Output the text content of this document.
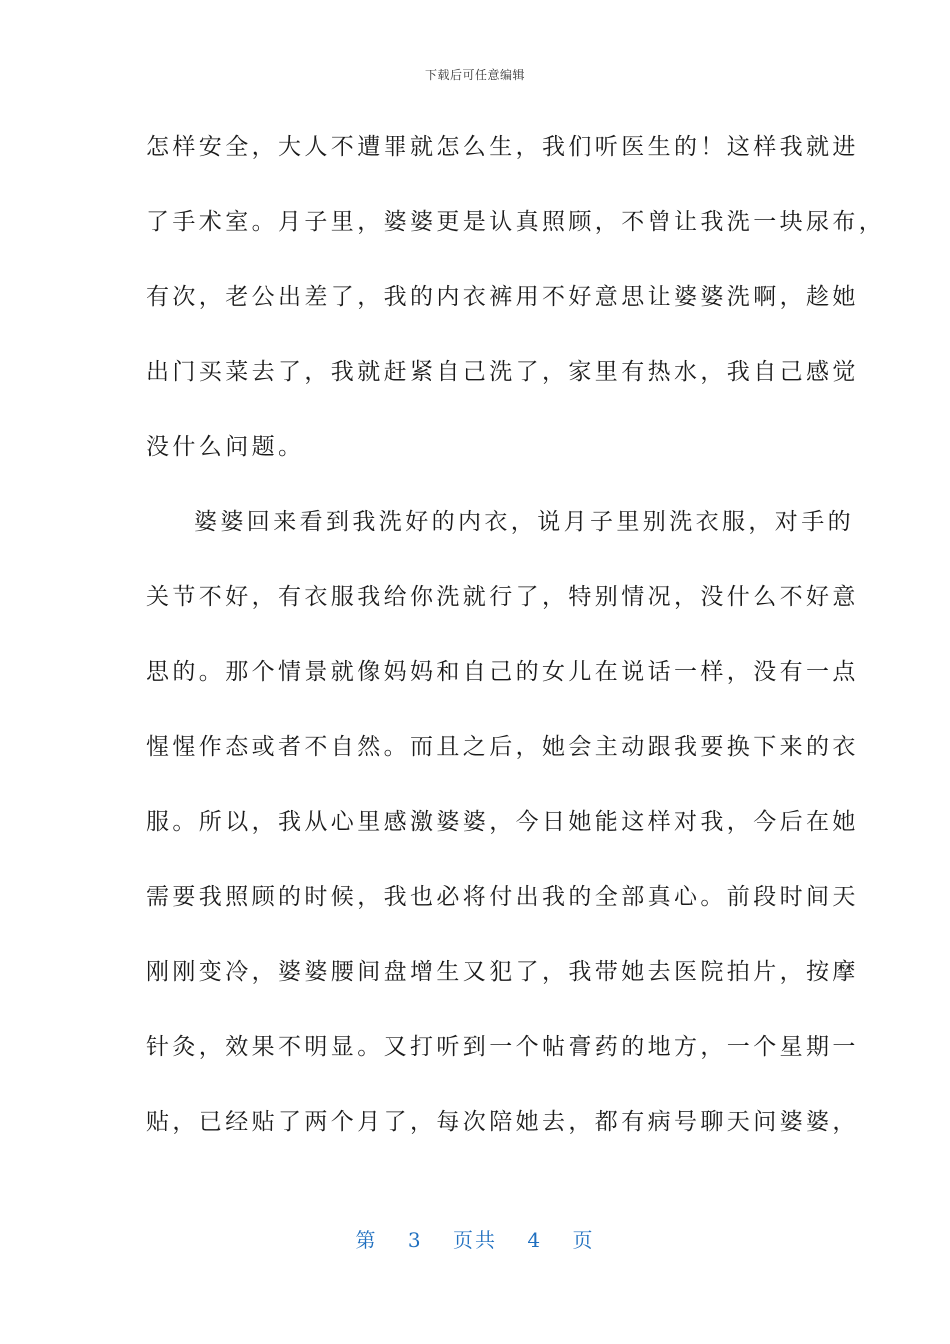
下载后可任意编辑
怎样安全，大人不遭罪就怎么生，我们听医生的！这样我就进
了手术室。月子里，婆婆更是认真照顾，不曾让我洗一块尿布，
有次，老公出差了，我的内衣裤用不好意思让婆婆洗啊，趁她
出门买菜去了，我就赶紧自己洗了，家里有热水，我自己感觉
没什么问题。
婆婆回来看到我洗好的内衣，说月子里别洗衣服，对手的
关节不好，有衣服我给你洗就行了，特别情况，没什么不好意
思的。那个情景就像妈妈和自己的女儿在说话一样，没有一点
惺惺作态或者不自然。而且之后，她会主动跟我要换下来的衣
服。所以，我从心里感激婆婆，今日她能这样对我，今后在她
需要我照顾的时候，我也必将付出我的全部真心。前段时间天
刚刚变冷，婆婆腰间盘增生又犯了，我带她去医院拍片，按摩
针灸，效果不明显。又打听到一个帖膏药的地方，一个星期一
贴，已经贴了两个月了，每次陪她去，都有病号聊天问婆婆，
第 3 页共 4 页
